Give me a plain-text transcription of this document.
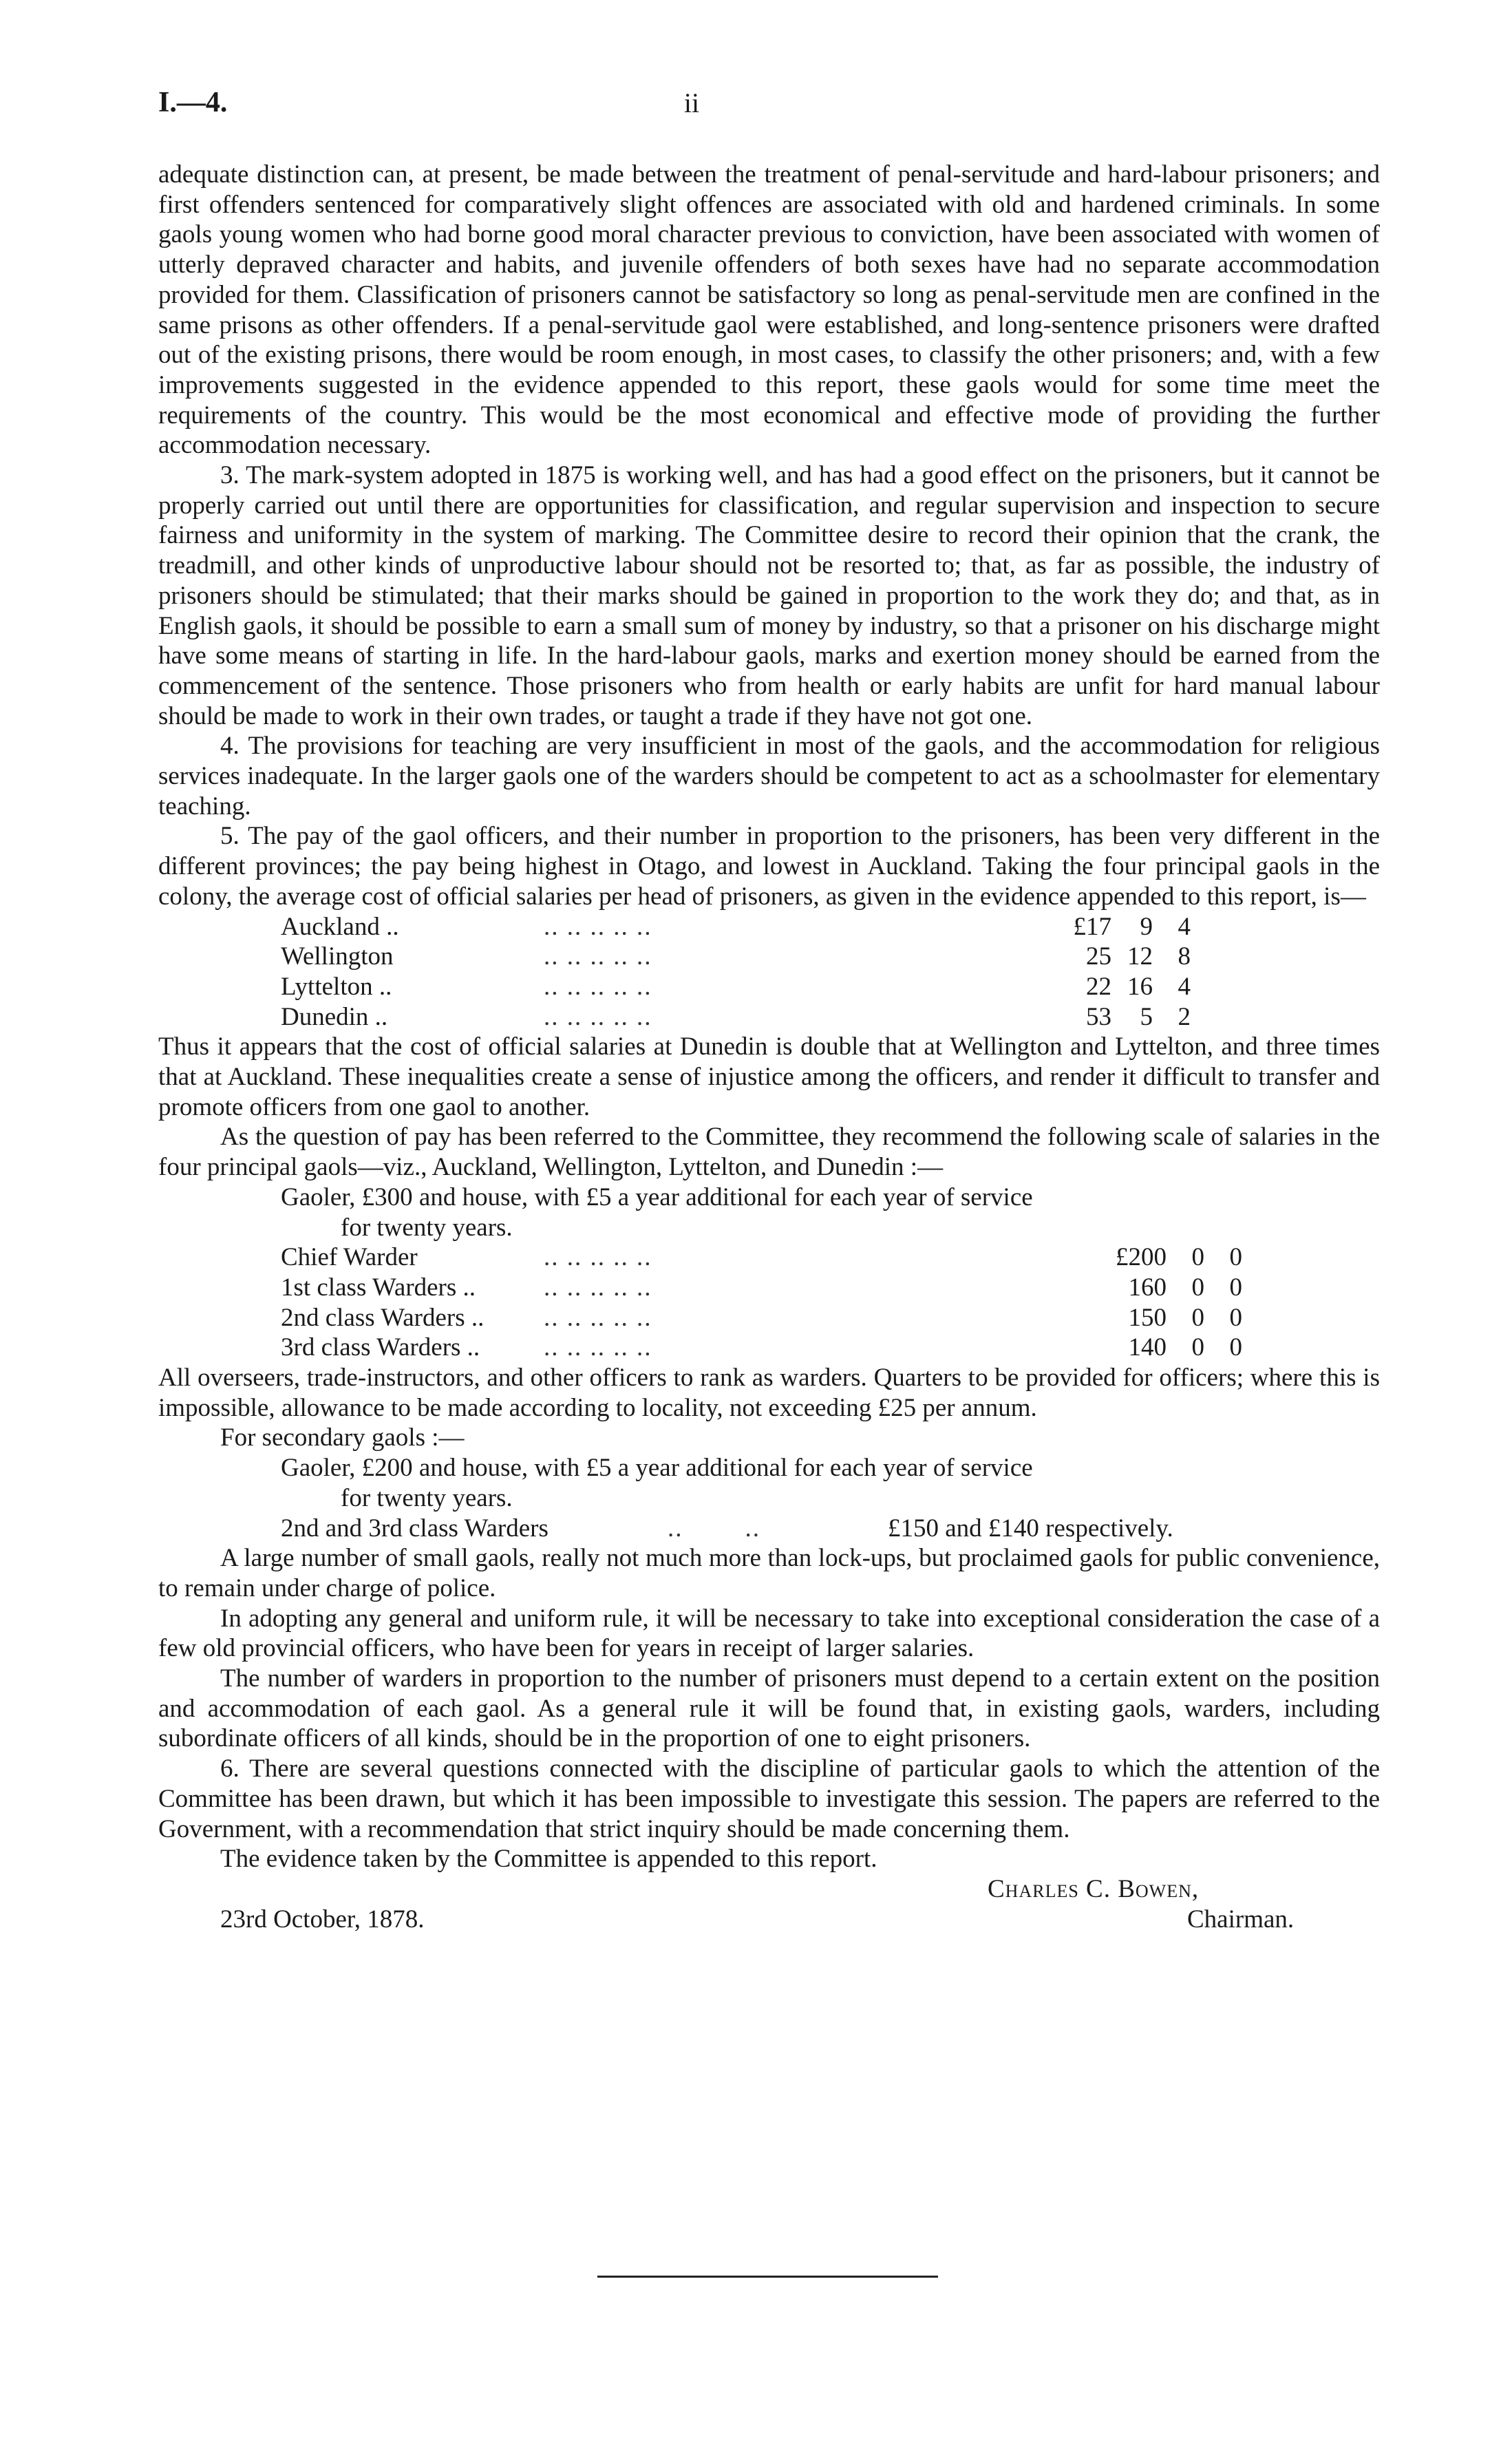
I.—4.	ii

adequate distinction can, at present, be made between the treatment of penal-servitude and hard-labour prisoners; and first offenders sentenced for comparatively slight offences are associated with old and hardened criminals. In some gaols young women who had borne good moral character previous to conviction, have been associated with women of utterly depraved character and habits, and juvenile offenders of both sexes have had no separate accommodation provided for them. Classification of prisoners cannot be satisfactory so long as penal-servitude men are confined in the same prisons as other offenders. If a penal-servitude gaol were established, and long-sentence prisoners were drafted out of the existing prisons, there would be room enough, in most cases, to classify the other prisoners; and, with a few improvements suggested in the evidence appended to this report, these gaols would for some time meet the requirements of the country. This would be the most economical and effective mode of providing the further accommodation necessary.

3. The mark-system adopted in 1875 is working well, and has had a good effect on the prisoners, but it cannot be properly carried out until there are opportunities for classification, and regular supervision and inspection to secure fairness and uniformity in the system of marking. The Committee desire to record their opinion that the crank, the treadmill, and other kinds of unproductive labour should not be resorted to; that, as far as possible, the industry of prisoners should be stimulated; that their marks should be gained in proportion to the work they do; and that, as in English gaols, it should be possible to earn a small sum of money by industry, so that a prisoner on his discharge might have some means of starting in life. In the hard-labour gaols, marks and exertion money should be earned from the commencement of the sentence. Those prisoners who from health or early habits are unfit for hard manual labour should be made to work in their own trades, or taught a trade if they have not got one.

4. The provisions for teaching are very insufficient in most of the gaols, and the accommodation for religious services inadequate. In the larger gaols one of the warders should be competent to act as a schoolmaster for elementary teaching.

5. The pay of the gaol officers, and their number in proportion to the prisoners, has been very different in the different provinces; the pay being highest in Otago, and lowest in Auckland. Taking the four principal gaols in the colony, the average cost of official salaries per head of prisoners, as given in the evidence appended to this report, is—

Auckland ..	.. .. .. .. ..	£17 9 4
Wellington	.. .. .. .. ..	25 12 8
Lyttelton ..	.. .. .. .. ..	22 16 4
Dunedin ..	.. .. .. .. ..	53 5 2

Thus it appears that the cost of official salaries at Dunedin is double that at Wellington and Lyttelton, and three times that at Auckland. These inequalities create a sense of injustice among the officers, and render it difficult to transfer and promote officers from one gaol to another.

As the question of pay has been referred to the Committee, they recommend the following scale of salaries in the four principal gaols—viz., Auckland, Wellington, Lyttelton, and Dunedin :—

Gaoler, £300 and house, with £5 a year additional for each year of service

for twenty years.

Chief Warder	.. .. .. .. ..	£200 0 0
1st class Warders ..	.. .. .. .. ..	160 0 0
2nd class Warders .. .. .. .. .. ..	150 0 0
3rd class Warders ..	.. .. .. .. ..	140 0 0

All overseers, trade-instructors, and other officers to rank as warders. Quarters to be provided for officers; where this is impossible, allowance to be made according to locality, not exceeding £25 per annum.

For secondary gaols :—

Gaoler, £200 and house, with £5 a year additional for each year of service

for twenty years.

2nd and 3rd class Warders	..        ..	£150 and £140 respectively.

A large number of small gaols, really not much more than lock-ups, but proclaimed gaols for public convenience, to remain under charge of police.

In adopting any general and uniform rule, it will be necessary to take into exceptional consideration the case of a few old provincial officers, who have been for years in receipt of larger salaries.

The number of warders in proportion to the number of prisoners must depend to a certain extent on the position and accommodation of each gaol. As a general rule it will be found that, in existing gaols, warders, including subordinate officers of all kinds, should be in the proportion of one to eight prisoners.

6. There are several questions connected with the discipline of particular gaols to which the attention of the Committee has been drawn, but which it has been impossible to investigate this session. The papers are referred to the Government, with a recommendation that strict inquiry should be made concerning them.

The evidence taken by the Committee is appended to this report.

Charles C. Bowen,
23rd October, 1878.	Chairman.
